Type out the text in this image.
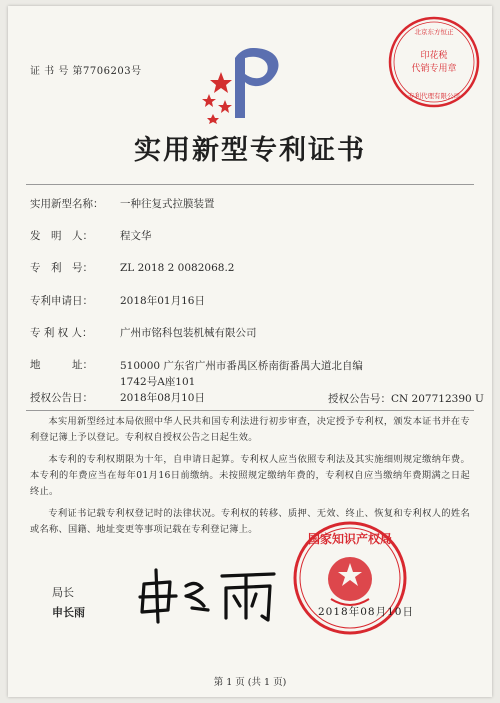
证 书 号 第7706203号
印花税
代销专用章
北京东方恒正
专利代理有限公司
实用新型专利证书
实用新型名称： 一种往复式拉膜装置
发　明　人：	程文华
专　利　号：	ZL 2018 2 0082068.2
专利申请日：	2018年01月16日
专 利 权 人：	广州市铭科包装机械有限公司
地　　　址：	510000 广东省广州市番禺区桥南街番禺大道北自编1742号A座101
授权公告日：	2018年08月10日	授权公告号：CN 207712390 U
本实用新型经过本局依照中华人民共和国专利法进行初步审查，决定授予专利权，颁发本证书并在专利登记簿上予以登记。专利权自授权公告之日起生效。
本专利的专利权期限为十年，自申请日起算。专利权人应当依照专利法及其实施细则规定缴纳年费。本专利的年费应当在每年01月16日前缴纳。未按照规定缴纳年费的，专利权自应当缴纳年费期满之日起终止。
专利证书记载专利权登记时的法律状况。专利权的转移、质押、无效、终止、恢复和专利权人的姓名或名称、国籍、地址变更等事项记载在专利登记簿上。
局长
申长雨
国家知识产权局
2018年08月10日
第 1 页 (共 1 页)
